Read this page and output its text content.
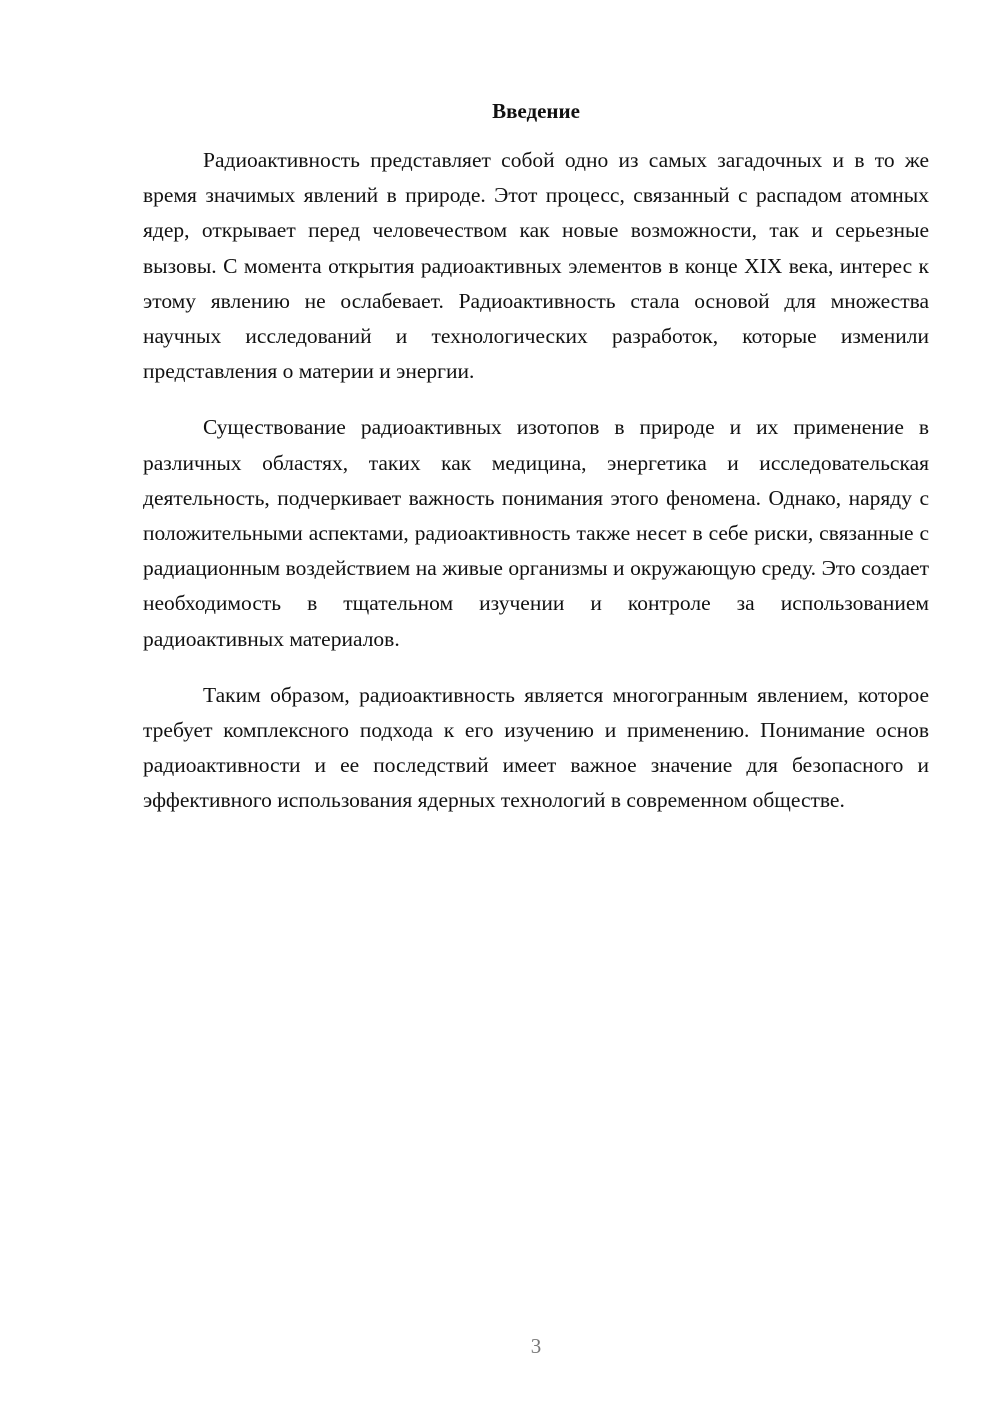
Введение

Радиоактивность представляет собой одно из самых загадочных и в то же время значимых явлений в природе. Этот процесс, связанный с распадом атомных ядер, открывает перед человечеством как новые возможности, так и серьезные вызовы. С момента открытия радиоактивных элементов в конце XIX века, интерес к этому явлению не ослабевает. Радиоактивность стала основой для множества научных исследований и технологических разработок, которые изменили представления о материи и энергии.

Существование радиоактивных изотопов в природе и их применение в различных областях, таких как медицина, энергетика и исследовательская деятельность, подчеркивает важность понимания этого феномена. Однако, наряду с положительными аспектами, радиоактивность также несет в себе риски, связанные с радиационным воздействием на живые организмы и окружающую среду. Это создает необходимость в тщательном изучении и контроле за использованием радиоактивных материалов.

Таким образом, радиоактивность является многогранным явлением, которое требует комплексного подхода к его изучению и применению. Понимание основ радиоактивности и ее последствий имеет важное значение для безопасного и эффективного использования ядерных технологий в современном обществе.

3
